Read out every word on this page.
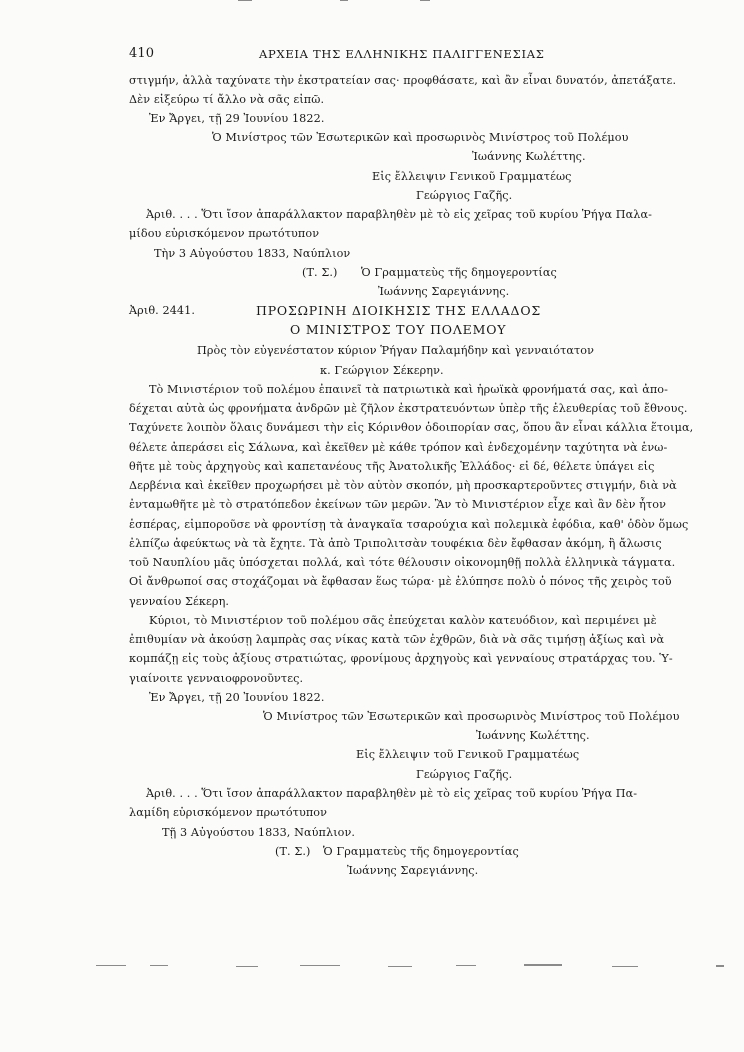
410	ΑΡΧΕΙΑ ΤΗΣ ΕΛΛΗΝΙΚΗΣ ΠΑΛΙΓΓΕΝΕΣΙΑΣ
στιγμήν, ἀλλὰ ταχύνατε τὴν ἐκστρατείαν σας· προφθάσατε, καὶ ἂν εἶναι δυνατόν, ἀπετάξατε.
Δὲν εἰξεύρω τί ἄλλο νὰ σᾶς εἰπῶ.
Ἐν Ἄργει, τῇ 29 Ἰουνίου 1822.
Ὁ Μινίστρος τῶν Ἐσωτερικῶν καὶ προσωρινὸς Μινίστρος τοῦ Πολέμου
Ἰωάννης Κωλέττης.
Εἰς ἔλλειψιν Γενικοῦ Γραμματέως
Γεώργιος Γαζῆς.
Ἀριθ. . . . Ὅτι ἴσον ἀπαράλλακτον παραβληθὲν μὲ τὸ εἰς χεῖρας τοῦ κυρίου Ῥήγα Παλα-
μίδου εὑρισκόμενον πρωτότυπον
Τὴν 3 Αὐγούστου 1833, Ναύπλιον
(Τ. Σ.) Ὁ Γραμματεὺς τῆς δημογεροντίας
Ἰωάννης Σαρεγιάννης.
Ἀριθ. 2441.	ΠΡΟΣΩΡΙΝΗ ΔΙΟΙΚΗΣΙΣ ΤΗΣ ΕΛΛΑΔΟΣ
Ο ΜΙΝΙΣΤΡΟΣ ΤΟΥ ΠΟΛΕΜΟΥ
Πρὸς τὸν εὐγενέστατον κύριον Ῥήγαν Παλαμήδην καὶ γενναιότατον
κ. Γεώργιον Σέκερην.
Τὸ Μινιστέριον τοῦ πολέμου ἐπαινεῖ τὰ πατριωτικὰ καὶ ἡρωϊκὰ φρονήματά σας, καὶ ἀπο-
δέχεται αὐτὰ ὡς φρονήματα ἀνδρῶν μὲ ζῆλον ἐκστρατευόντων ὑπὲρ τῆς ἐλευθερίας τοῦ ἔθνους.
Ταχύνετε λοιπὸν ὅλαις δυνάμεσι τὴν εἰς Κόρινθον ὁδοιπορίαν σας, ὅπου ἂν εἶναι κάλλια ἕτοιμα,
θέλετε ἀπεράσει εἰς Σάλωνα, καὶ ἐκεῖθεν μὲ κάθε τρόπον καὶ ἐνδεχομένην ταχύτητα νὰ ἑνω-
θῆτε μὲ τοὺς ἀρχηγοὺς καὶ καπετανέους τῆς Ἀνατολικῆς Ἑλλάδος· εἰ δέ, θέλετε ὑπάγει εἰς
Δερβένια καὶ ἐκεῖθεν προχωρήσει μὲ τὸν αὐτὸν σκοπόν, μὴ προσκαρτεροῦντες στιγμήν, διὰ νὰ
ἐνταμωθῆτε μὲ τὸ στρατόπεδον ἐκείνων τῶν μερῶν. Ἂν τὸ Μινιστέριον εἶχε καὶ ἂν δὲν ἦτον
ἑσπέρας, εἰμποροῦσε νὰ φροντίσῃ τὰ ἀναγκαῖα τσαρούχια καὶ πολεμικὰ ἐφόδια, καθ' ὁδὸν ὅμως
ἐλπίζω ἀφεύκτως νὰ τὰ ἔχητε. Τὰ ἀπὸ Τριπολιτσὰν τουφέκια δὲν ἔφθασαν ἀκόμη, ἢ ἄλωσις
τοῦ Ναυπλίου μᾶς ὑπόσχεται πολλά, καὶ τότε θέλουσιν οἰκονομηθῇ πολλὰ ἑλληνικὰ τάγματα.
Οἱ ἄνθρωποί σας στοχάζομαι νὰ ἔφθασαν ἕως τώρα· μὲ ἐλύπησε πολὺ ὁ πόνος τῆς χειρὸς τοῦ
γενναίου Σέκερη.
Κύριοι, τὸ Μινιστέριον τοῦ πολέμου σᾶς ἐπεύχεται καλὸν κατευόδιον, καὶ περιμένει μὲ
ἐπιθυμίαν νὰ ἀκούσῃ λαμπρὰς σας νίκας κατὰ τῶν ἐχθρῶν, διὰ νὰ σᾶς τιμήσῃ ἀξίως καὶ νὰ
κομπάζῃ εἰς τοὺς ἀξίους στρατιώτας, φρονίμους ἀρχηγοὺς καὶ γενναίους στρατάρχας του. Ὑ-
γιαίνοιτε γενναιοφρονοῦντες.
Ἐν Ἄργει, τῇ 20 Ἰουνίου 1822.
Ὁ Μινίστρος τῶν Ἐσωτερικῶν καὶ προσωρινὸς Μινίστρος τοῦ Πολέμου
Ἰωάννης Κωλέττης.
Εἰς ἔλλειψιν τοῦ Γενικοῦ Γραμματέως
Γεώργιος Γαζῆς.
Ἀριθ. . . . Ὅτι ἴσον ἀπαράλλακτον παραβληθὲν μὲ τὸ εἰς χεῖρας τοῦ κυρίου Ῥήγα Πα-
λαμίδη εὑρισκόμενον πρωτότυπον
Τῇ 3 Αὐγούστου 1833, Ναύπλιον.
(Τ. Σ.) Ὁ Γραμματεὺς τῆς δημογεροντίας
Ἰωάννης Σαρεγιάννης.
